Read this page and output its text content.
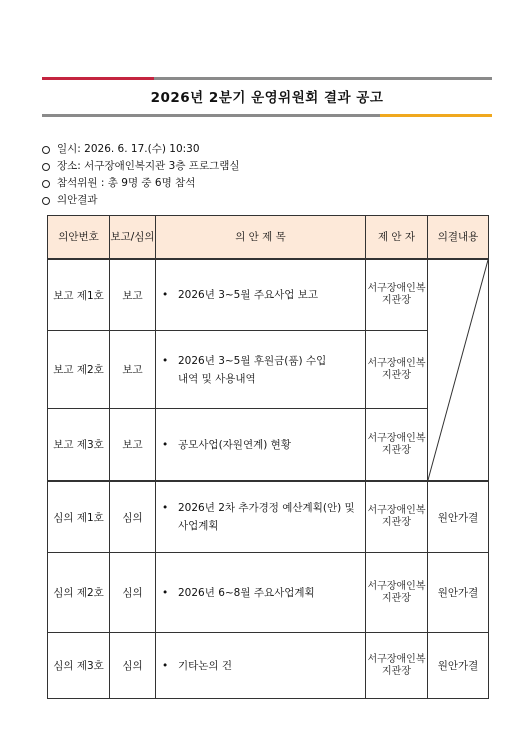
2026년 2분기 운영위원회 결과 공고
일시: 2026. 6. 17.(수) 10:30
장소: 서구장애인복지관 3층 프로그램실
참석위원 : 총 9명 중 6명 참석
의안결과
의안번호	보고/심의	의 안 제 목	제 안 자	의결내용
보고 제1호	보고	• 2026년 3~5월 주요사업 보고	서구장애인복지관장	

보고 제2호	보고	• 2026년 3~5월 후원금(품) 수입내역 및 사용내역	서구장애인복지관장	
보고 제3호	보고	• 공모사업(자원연계) 현황	서구장애인복지관장	
심의 제1호	심의	• 2026년 2차 추가경정 예산계획(안) 및 사업계획	서구장애인복지관장	원안가결
심의 제2호	심의	• 2026년 6~8월 주요사업계획	서구장애인복지관장	원안가결
심의 제3호	심의	• 기타논의 건	서구장애인복지관장	원안가결
